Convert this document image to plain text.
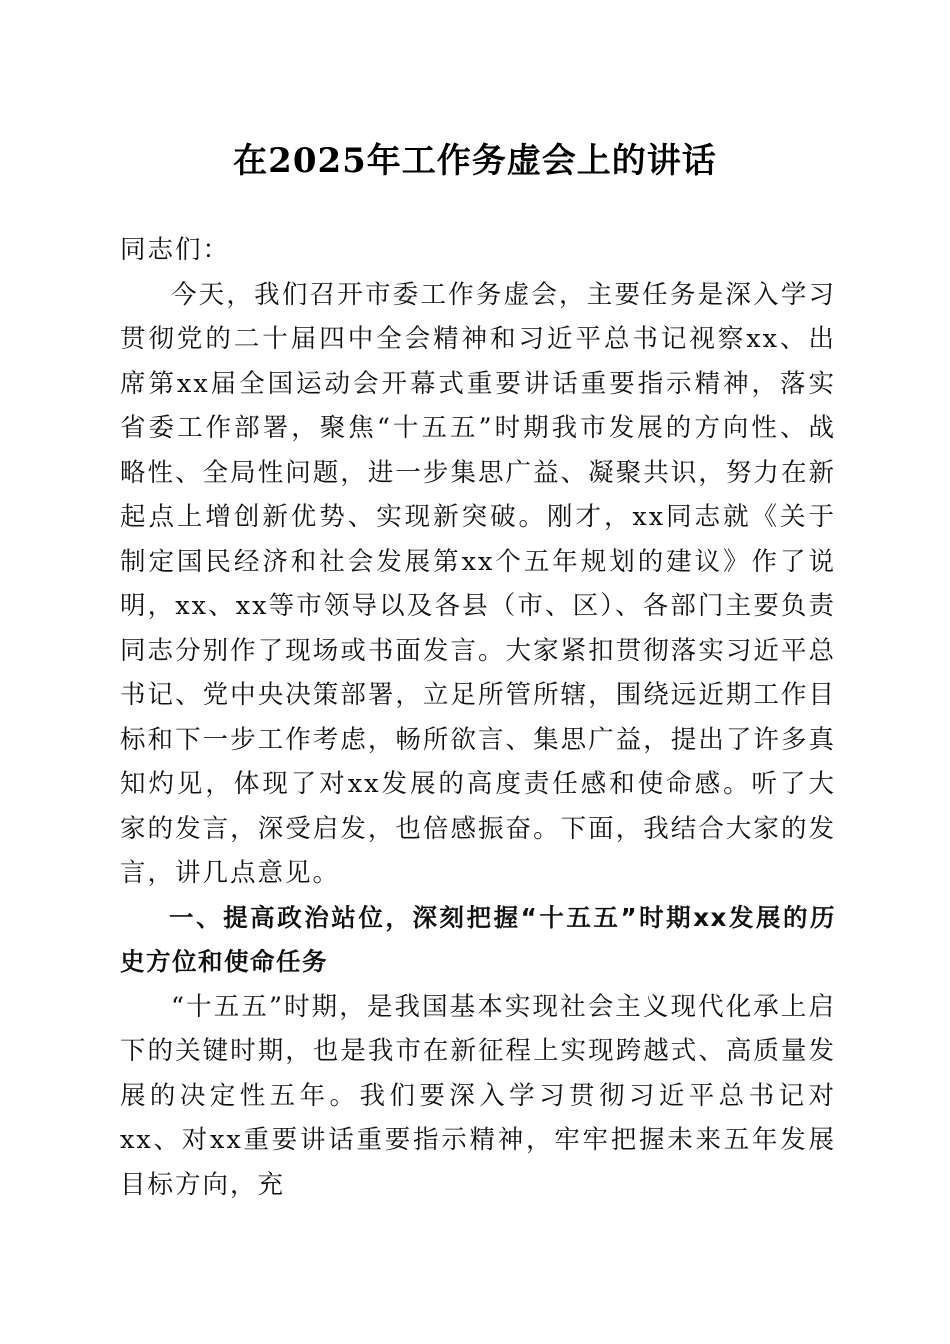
在2025年工作务虚会上的讲话

同志们：

今天，我们召开市委工作务虚会，主要任务是深入学习贯彻党的二十届四中全会精神和习近平总书记视察xx、出席第xx届全国运动会开幕式重要讲话重要指示精神，落实省委工作部署，聚焦“十五五”时期我市发展的方向性、战略性、全局性问题，进一步集思广益、凝聚共识，努力在新起点上增创新优势、实现新突破。刚才，xx同志就《关于制定国民经济和社会发展第xx个五年规划的建议》作了说明，xx、xx等市领导以及各县（市、区）、各部门主要负责同志分别作了现场或书面发言。大家紧扣贯彻落实习近平总书记、党中央决策部署，立足所管所辖，围绕远近期工作目标和下一步工作考虑，畅所欲言、集思广益，提出了许多真知灼见，体现了对xx发展的高度责任感和使命感。听了大家的发言，深受启发，也倍感振奋。下面，我结合大家的发言，讲几点意见。

一、提高政治站位，深刻把握“十五五”时期xx发展的历史方位和使命任务

“十五五”时期，是我国基本实现社会主义现代化承上启下的关键时期，也是我市在新征程上实现跨越式、高质量发展的决定性五年。我们要深入学习贯彻习近平总书记对xx、对xx重要讲话重要指示精神，牢牢把握未来五年发展目标方向，充
